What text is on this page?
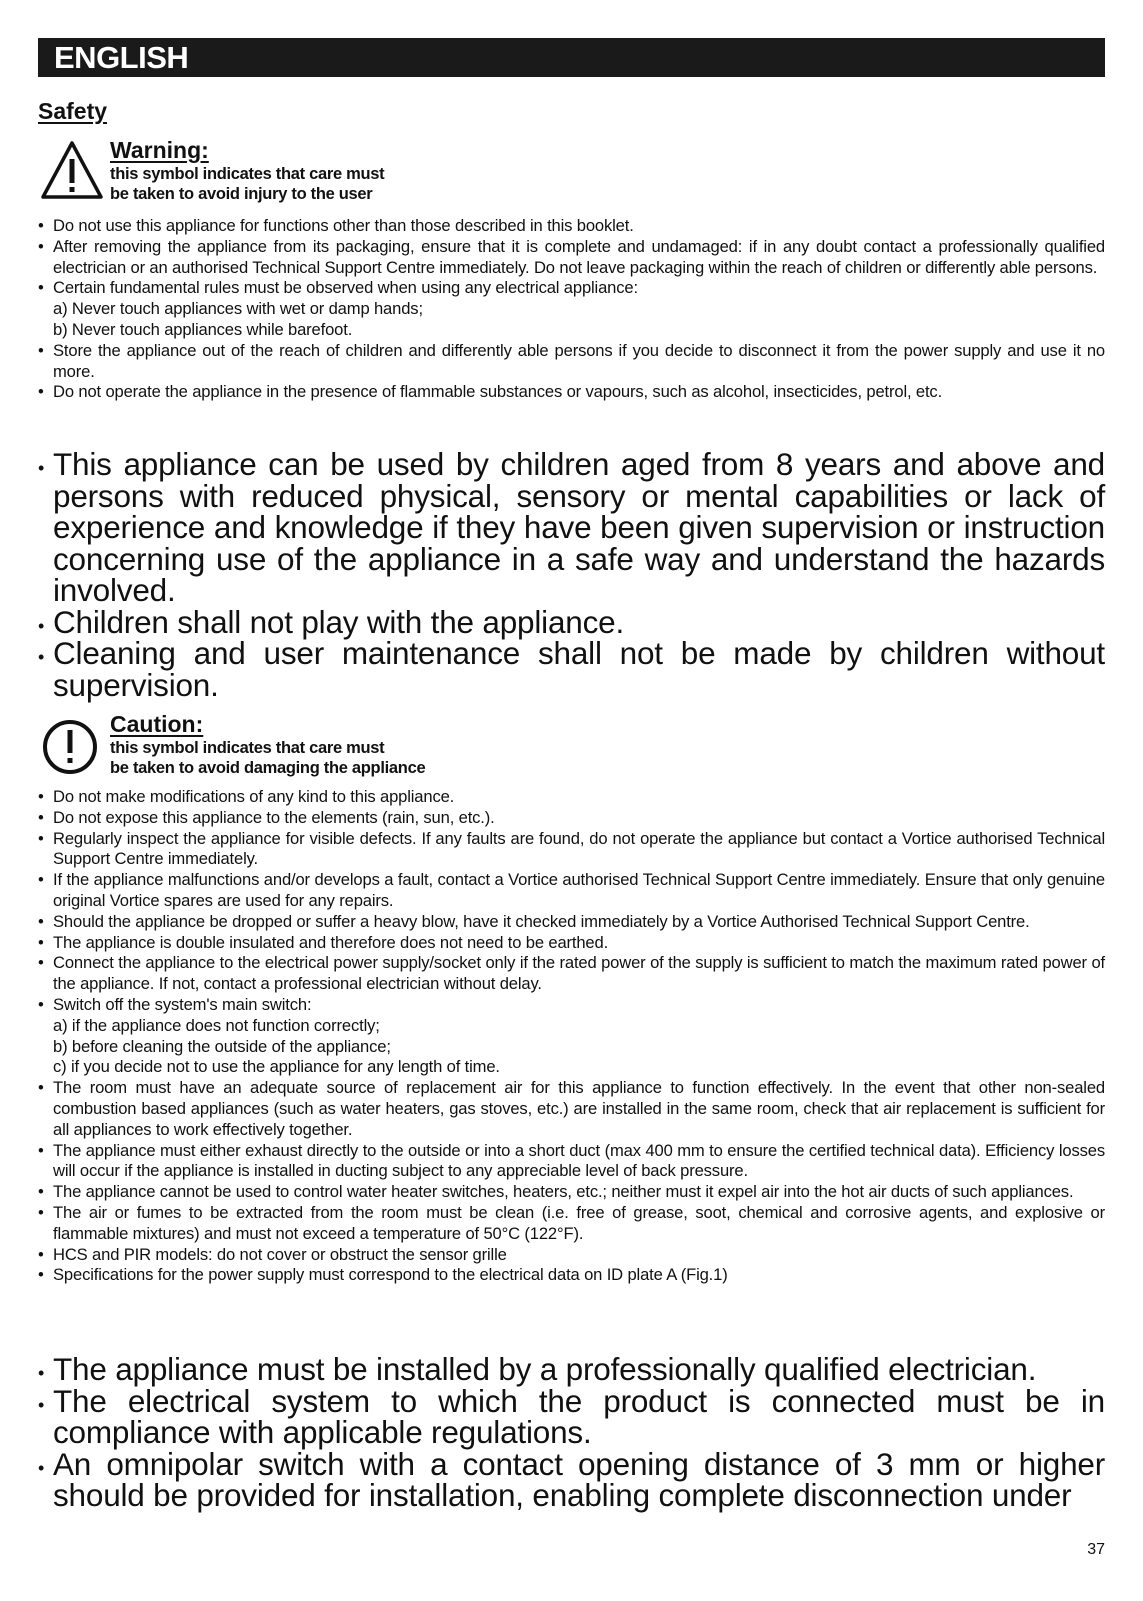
ENGLISH
Safety
Warning:
this symbol indicates that care must
be taken to avoid injury to the user
• Do not use this appliance for functions other than those described in this booklet.
• After removing the appliance from its packaging, ensure that it is complete and undamaged: if in any doubt contact a professionally qualified electrician or an authorised Technical Support Centre immediately. Do not leave packaging within the reach of children or differently able persons.
• Certain fundamental rules must be observed when using any electrical appliance:
a) Never touch appliances with wet or damp hands;
b) Never touch appliances while barefoot.
• Store the appliance out of the reach of children and differently able persons if you decide to disconnect it from the power supply and use it no more.
• Do not operate the appliance in the presence of flammable substances or vapours, such as alcohol, insecticides, petrol, etc.
• This appliance can be used by children aged from 8 years and above and persons with reduced physical, sensory or mental capabilities or lack of experience and knowledge if they have been given supervision or instruction concerning use of the appliance in a safe way and understand the hazards involved.
• Children shall not play with the appliance.
• Cleaning and user maintenance shall not be made by children without supervision.
Caution:
this symbol indicates that care must
be taken to avoid damaging the appliance
• Do not make modifications of any kind to this appliance.
• Do not expose this appliance to the elements (rain, sun, etc.).
• Regularly inspect the appliance for visible defects. If any faults are found, do not operate the appliance but contact a Vortice authorised Technical Support Centre immediately.
• If the appliance malfunctions and/or develops a fault, contact a Vortice authorised Technical Support Centre immediately. Ensure that only genuine original Vortice spares are used for any repairs.
• Should the appliance be dropped or suffer a heavy blow, have it checked immediately by a Vortice Authorised Technical Support Centre.
• The appliance is double insulated and therefore does not need to be earthed.
• Connect the appliance to the electrical power supply/socket only if the rated power of the supply is sufficient to match the maximum rated power of the appliance. If not, contact a professional electrician without delay.
• Switch off the system's main switch:
a) if the appliance does not function correctly;
b) before cleaning the outside of the appliance;
c) if you decide not to use the appliance for any length of time.
• The room must have an adequate source of replacement air for this appliance to function effectively. In the event that other non-sealed combustion based appliances (such as water heaters, gas stoves, etc.) are installed in the same room, check that air replacement is sufficient for all appliances to work effectively together.
• The appliance must either exhaust directly to the outside or into a short duct (max 400 mm to ensure the certified technical data). Efficiency losses will occur if the appliance is installed in ducting subject to any appreciable level of back pressure.
• The appliance cannot be used to control water heater switches, heaters, etc.; neither must it expel air into the hot air ducts of such appliances.
• The air or fumes to be extracted from the room must be clean (i.e. free of grease, soot, chemical and corrosive agents, and explosive or flammable mixtures) and must not exceed a temperature of 50°C (122°F).
• HCS and PIR models: do not cover or obstruct the sensor grille
• Specifications for the power supply must correspond to the electrical data on ID plate A (Fig.1)
• The appliance must be installed by a professionally qualified electrician.
• The electrical system to which the product is connected must be in compliance with applicable regulations.
• An omnipolar switch with a contact opening distance of 3 mm or higher should be provided for installation, enabling complete disconnection under
37
